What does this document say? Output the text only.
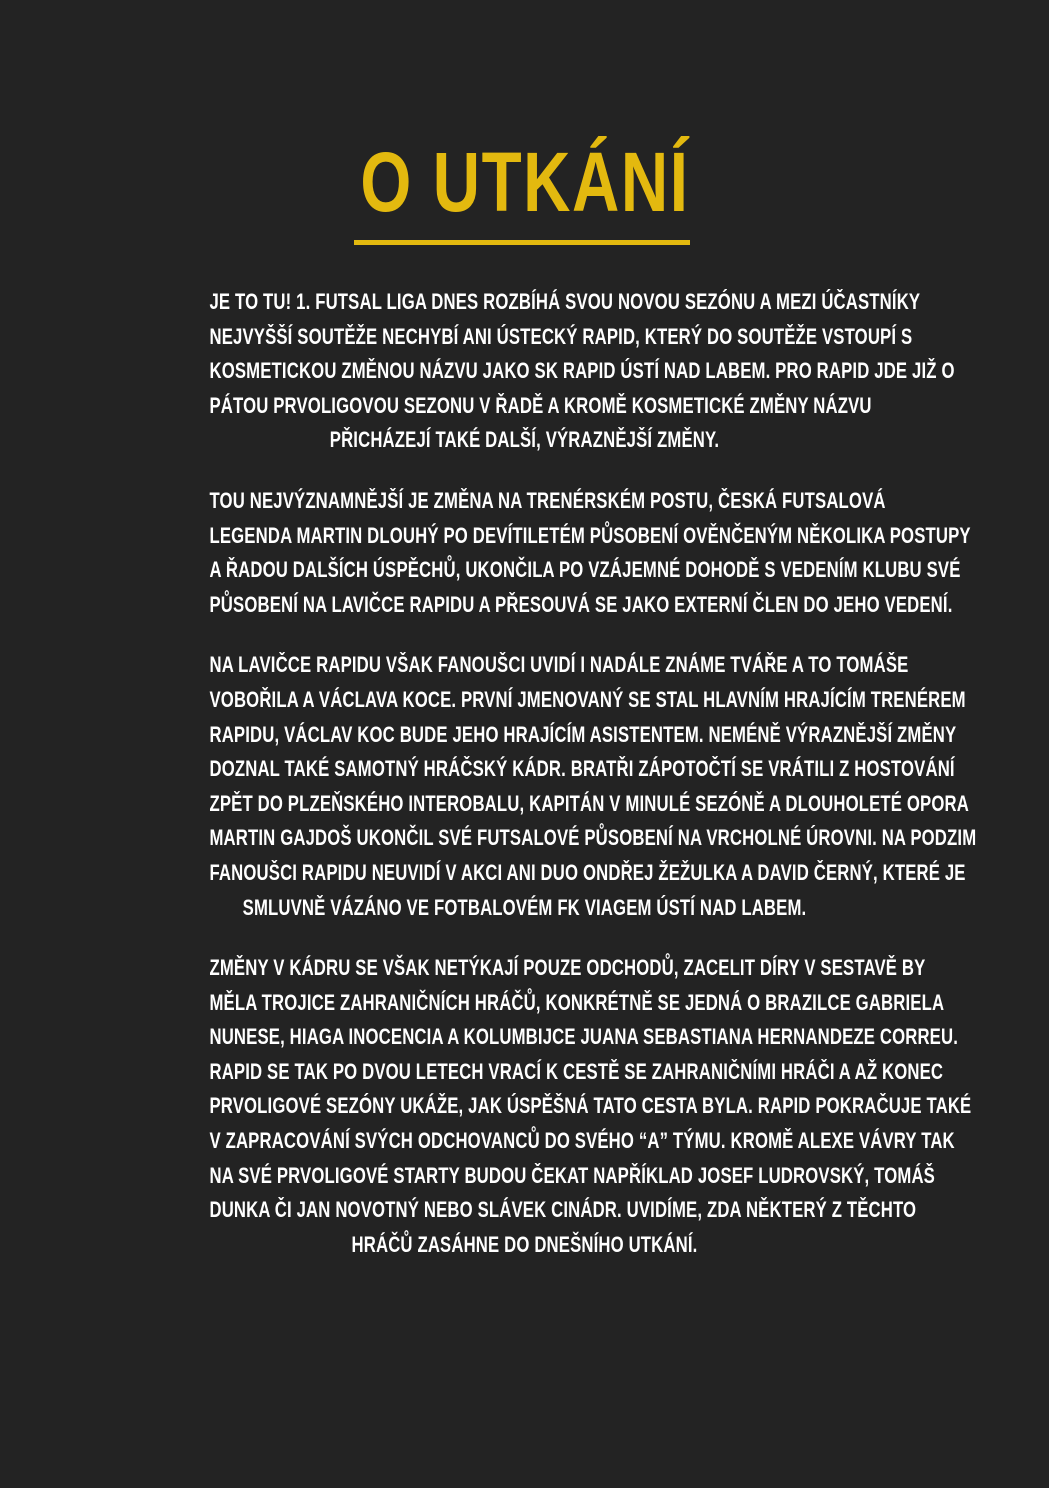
O UTKÁNÍ
JE TO TU! 1. FUTSAL LIGA DNES ROZBÍHÁ SVOU NOVOU SEZÓNU A MEZI ÚČASTNÍKY
NEJVYŠŠÍ SOUTĚŽE NECHYBÍ ANI ÚSTECKÝ RAPID, KTERÝ DO SOUTĚŽE VSTOUPÍ S
KOSMETICKOU ZMĚNOU NÁZVU JAKO SK RAPID ÚSTÍ NAD LABEM. PRO RAPID JDE JIŽ O
PÁTOU PRVOLIGOVOU SEZONU V ŘADĚ A KROMĚ KOSMETICKÉ ZMĚNY NÁZVU
PŘICHÁZEJÍ TAKÉ DALŠÍ, VÝRAZNĚJŠÍ ZMĚNY.
TOU NEJVÝZNAMNĚJŠÍ JE ZMĚNA NA TRENÉRSKÉM POSTU, ČESKÁ FUTSALOVÁ
LEGENDA MARTIN DLOUHÝ PO DEVÍTILETÉM PŮSOBENÍ OVĚNČENÝM NĚKOLIKA POSTUPY
A ŘADOU DALŠÍCH ÚSPĚCHŮ, UKONČILA PO VZÁJEMNÉ DOHODĚ S VEDENÍM KLUBU SVÉ
PŮSOBENÍ NA LAVIČCE RAPIDU A PŘESOUVÁ SE JAKO EXTERNÍ ČLEN DO JEHO VEDENÍ.
NA LAVIČCE RAPIDU VŠAK FANOUŠCI UVIDÍ I NADÁLE ZNÁME TVÁŘE A TO TOMÁŠE
VOBOŘILA A VÁCLAVA KOCE. PRVNÍ JMENOVANÝ SE STAL HLAVNÍM HRAJÍCÍM TRENÉREM
RAPIDU, VÁCLAV KOC BUDE JEHO HRAJÍCÍM ASISTENTEM. NEMÉNĚ VÝRAZNĚJŠÍ ZMĚNY
DOZNAL TAKÉ SAMOTNÝ HRÁČSKÝ KÁDR. BRATŘI ZÁPOTOČTÍ SE VRÁTILI Z HOSTOVÁNÍ
ZPĚT DO PLZEŇSKÉHO INTEROBALU, KAPITÁN V MINULÉ SEZÓNĚ A DLOUHOLETÉ OPORA
MARTIN GAJDOŠ UKONČIL SVÉ FUTSALOVÉ PŮSOBENÍ NA VRCHOLNÉ ÚROVNI. NA PODZIM
FANOUŠCI RAPIDU NEUVIDÍ V AKCI ANI DUO ONDŘEJ ŽEŽULKA A DAVID ČERNÝ, KTERÉ JE
SMLUVNĚ VÁZÁNO VE FOTBALOVÉM FK VIAGEM ÚSTÍ NAD LABEM.
ZMĚNY V KÁDRU SE VŠAK NETÝKAJÍ POUZE ODCHODŮ, ZACELIT DÍRY V SESTAVĚ BY
MĚLA TROJICE ZAHRANIČNÍCH HRÁČŮ, KONKRÉTNĚ SE JEDNÁ O BRAZILCE GABRIELA
NUNESE, HIAGA INOCENCIA A KOLUMBIJCE JUANA SEBASTIANA HERNANDEZE CORREU.
RAPID SE TAK PO DVOU LETECH VRACÍ K CESTĚ SE ZAHRANIČNÍMI HRÁČI A AŽ KONEC
PRVOLIGOVÉ SEZÓNY UKÁŽE, JAK ÚSPĚŠNÁ TATO CESTA BYLA. RAPID POKRAČUJE TAKÉ
V ZAPRACOVÁNÍ SVÝCH ODCHOVANCŮ DO SVÉHO “A” TÝMU. KROMĚ ALEXE VÁVRY TAK
NA SVÉ PRVOLIGOVÉ STARTY BUDOU ČEKAT NAPŘÍKLAD JOSEF LUDROVSKÝ, TOMÁŠ
DUNKA ČI JAN NOVOTNÝ NEBO SLÁVEK CINÁDR. UVIDÍME, ZDA NĚKTERÝ Z TĚCHTO
HRÁČŮ ZASÁHNE DO DNEŠNÍHO UTKÁNÍ.
